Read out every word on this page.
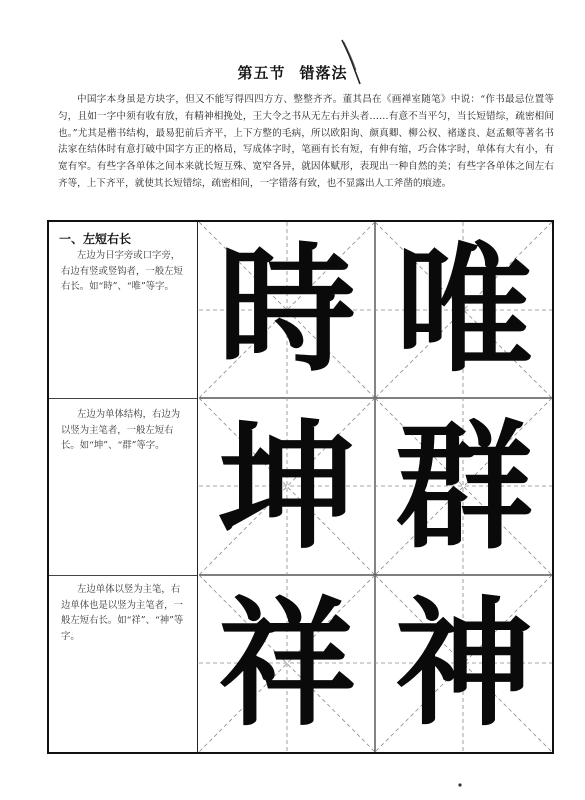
第五节 错落法
中国字本身虽是方块字，但又不能写得四四方方、整整齐齐。董其昌在《画禅室随笔》中说：“作书最忌位置等匀，且如一字中须有收有放，有精神相挽处，王大令之书从无左右并头者……有意不当平匀，当长短错综，疏密相间也。”尤其是楷书结构，最易犯前后齐平，上下方整的毛病，所以欧阳询、颜真卿、柳公权、褚遂良、赵孟頫等著名书法家在结体时有意打破中国字方正的格局，写成体字时，笔画有长有短，有伸有缩，巧合体字时，单体有大有小，有宽有窄。有些字各单体之间本来就长短互殊、宽窄各异，就因体赋形，表现出一种自然的美；有些字各单体之间左右齐等，上下齐平，就使其长短错综，疏密相间，一字错落有致，也不显露出人工斧凿的痕迹。
一、左短右长
左边为日字旁或口字旁，右边有竖或竖钩者，一般左短右长。如“時”、“唯”等字。
左边为单体结构，右边为以竖为主笔者，一般左短右长。如“坤”、“群”等字。
左边单体以竖为主笔，右边单体也是以竖为主笔者，一般左短右长。如“祥”、“神”等字。
時 唯
坤 群
祥 神
